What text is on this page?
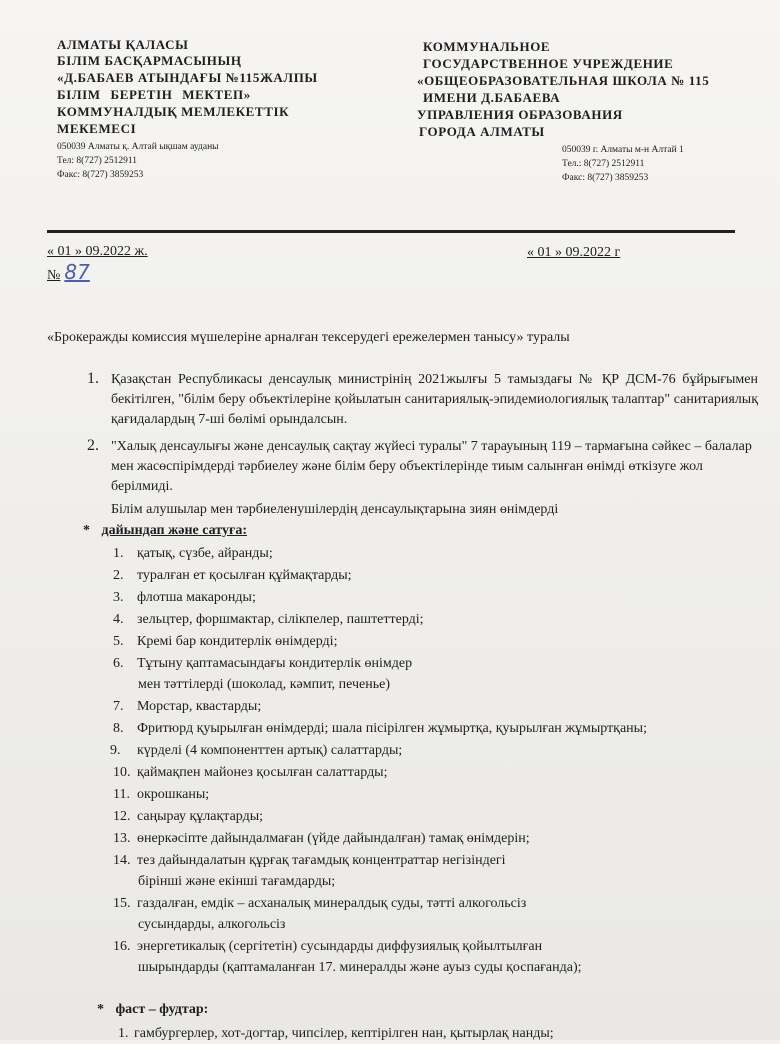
АЛМАТЫ ҚАЛАСЫ
БІЛІМ БАСҚАРМАСЫНЫҢ
«Д.БАБАЕВ АТЫНДАҒЫ №115ЖАЛПЫ
БІЛІМ БЕРЕТІН МЕКТЕП»
КОММУНАЛДЫҚ МЕМЛЕКЕТТІК
МЕКЕМЕСІ
050039 Алматы қ. Алтай ықшам ауданы
Тел: 8(727) 2512911
Факс: 8(727) 3859253
КОММУНАЛЬНОЕ
ГОСУДАРСТВЕННОЕ УЧРЕЖДЕНИЕ
«ОБЩЕОБРАЗОВАТЕЛЬНАЯ ШКОЛА № 115
ИМЕНИ Д.БАБАЕВА
УПРАВЛЕНИЯ ОБРАЗОВАНИЯ
ГОРОДА АЛМАТЫ
050039 г. Алматы м-н Алтай 1
Тел.: 8(727) 2512911
Факс: 8(727) 3859253
« 01 » 09.2022 ж.	« 01 » 09.2022 г
№ 87
«Брокеражды комиссия мүшелеріне арналған тексерудегі ережелермен танысу» туралы
1. Қазақстан Республикасы денсаулық министрінің 2021жылғы 5 тамыздағы № ҚР ДСМ-76 бұйрығымен бекітілген, "білім беру объектілеріне қойылатын санитариялық-эпидемиологиялық талаптар" санитариялық қағидалардың 7-ші бөлімі орындалсын.
2. "Халық денсаулығы және денсаулық сақтау жүйесі туралы" 7 тарауының 119 – тармағына сәйкес – балалар мен жасөспірімдерді тәрбиелеу және білім беру объектілерінде тиым салынған өнімді өткізуге жол берілмиді.
Білім алушылар мен тәрбиеленушілердің денсаулықтарына зиян өнімдерді
* дайындап және сатуға:
1. қатық, сүзбе, айранды;
2. туралған ет қосылған құймақтарды;
3. флотша макаронды;
4. зельцтер, форшмактар, сілікпелер, паштеттерді;
5. Кремі бар кондитерлік өнімдерді;
6. Тұтыну қаптамасындағы кондитерлік өнімдер
мен тәттілерді (шоколад, кәмпит, печенье)
7. Морстар, квастарды;
8. Фритюрд қуырылған өнімдерді; шала пісірілген жұмыртқа, қуырылған жұмыртқаны;
9. күрделі (4 компоненттен артық) салаттарды;
10. қаймақпен майонез қосылған салаттарды;
11. окрошканы;
12. саңырау құлақтарды;
13. өнеркәсіпте дайындалмаған (үйде дайындалған) тамақ өнімдерін;
14. тез дайындалатын құрғақ тағамдық концентраттар негізіндегі
бірінші және екінші тағамдарды;
15. газдалған, емдік – асханалық минералдық суды, тәтті алкогольсіз
сусындарды, алкогольсіз
16. энергетикалық (сергітетін) сусындарды диффузиялық қойылтылған
шырындарды (қаптамаланған 17. минералды және ауыз суды қоспағанда);
* фаст – фудтар:
1. гамбургерлер, хот-догтар, чипсілер, кептірілген нан, қытырлақ нанды;
